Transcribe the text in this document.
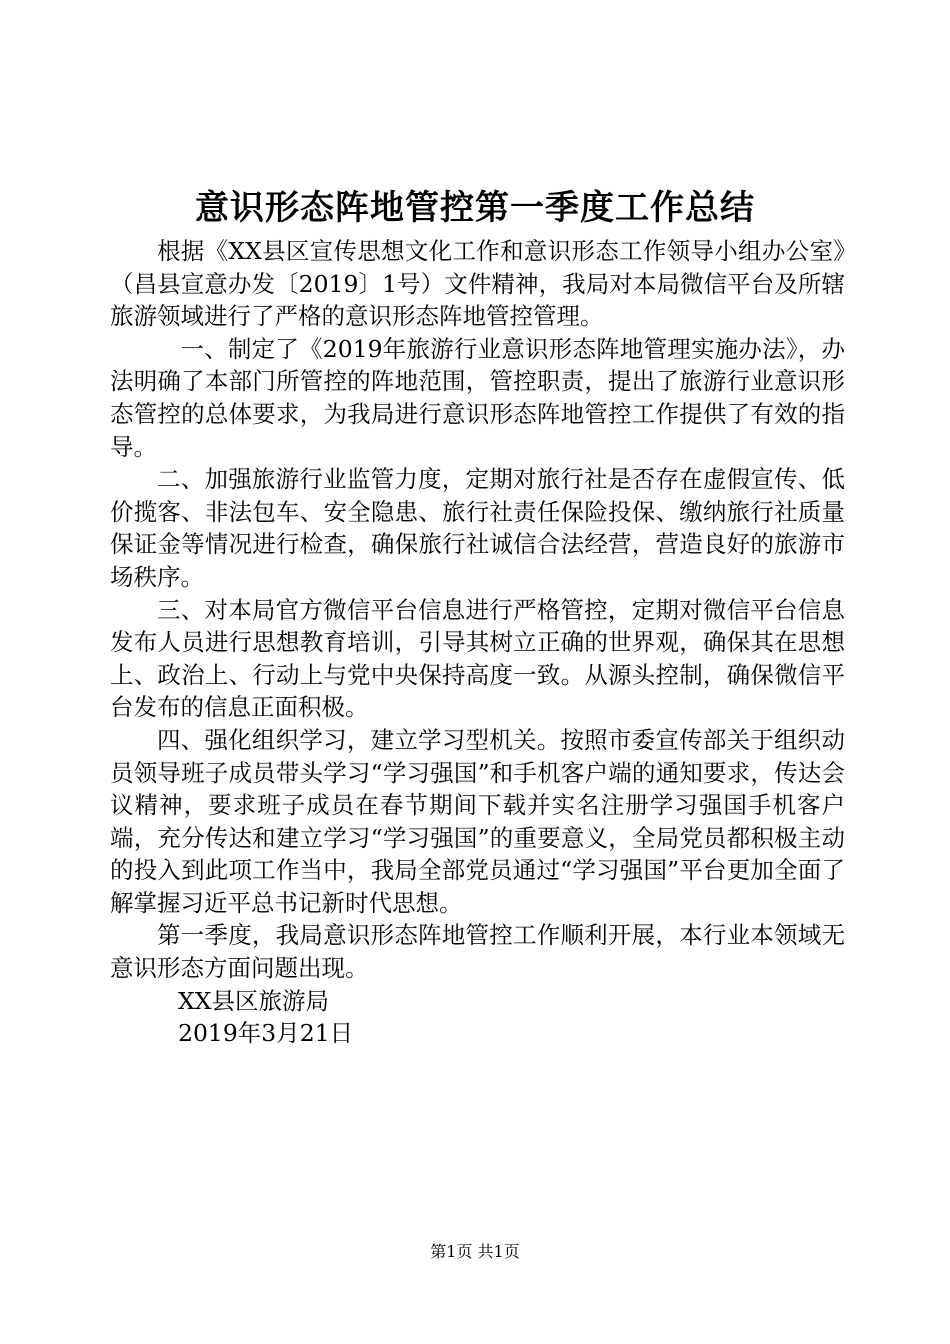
意识形态阵地管控第一季度工作总结

根据《XX县区宣传思想文化工作和意识形态工作领导小组办公室》（昌县宣意办发〔2019〕1号）文件精神，我局对本局微信平台及所辖旅游领域进行了严格的意识形态阵地管控管理。

一、制定了《2019年旅游行业意识形态阵地管理实施办法》，办法明确了本部门所管控的阵地范围，管控职责，提出了旅游行业意识形态管控的总体要求，为我局进行意识形态阵地管控工作提供了有效的指导。

二、加强旅游行业监管力度，定期对旅行社是否存在虚假宣传、低价揽客、非法包车、安全隐患、旅行社责任保险投保、缴纳旅行社质量保证金等情况进行检查，确保旅行社诚信合法经营，营造良好的旅游市场秩序。

三、对本局官方微信平台信息进行严格管控，定期对微信平台信息发布人员进行思想教育培训，引导其树立正确的世界观，确保其在思想上、政治上、行动上与党中央保持高度一致。从源头控制，确保微信平台发布的信息正面积极。

四、强化组织学习，建立学习型机关。按照市委宣传部关于组织动员领导班子成员带头学习“学习强国”和手机客户端的通知要求，传达会议精神，要求班子成员在春节期间下载并实名注册学习强国手机客户端，充分传达和建立学习“学习强国”的重要意义，全局党员都积极主动的投入到此项工作当中，我局全部党员通过“学习强国”平台更加全面了解掌握习近平总书记新时代思想。

第一季度，我局意识形态阵地管控工作顺利开展，本行业本领域无意识形态方面问题出现。

XX县区旅游局

2019年3月21日

第1页 共1页
